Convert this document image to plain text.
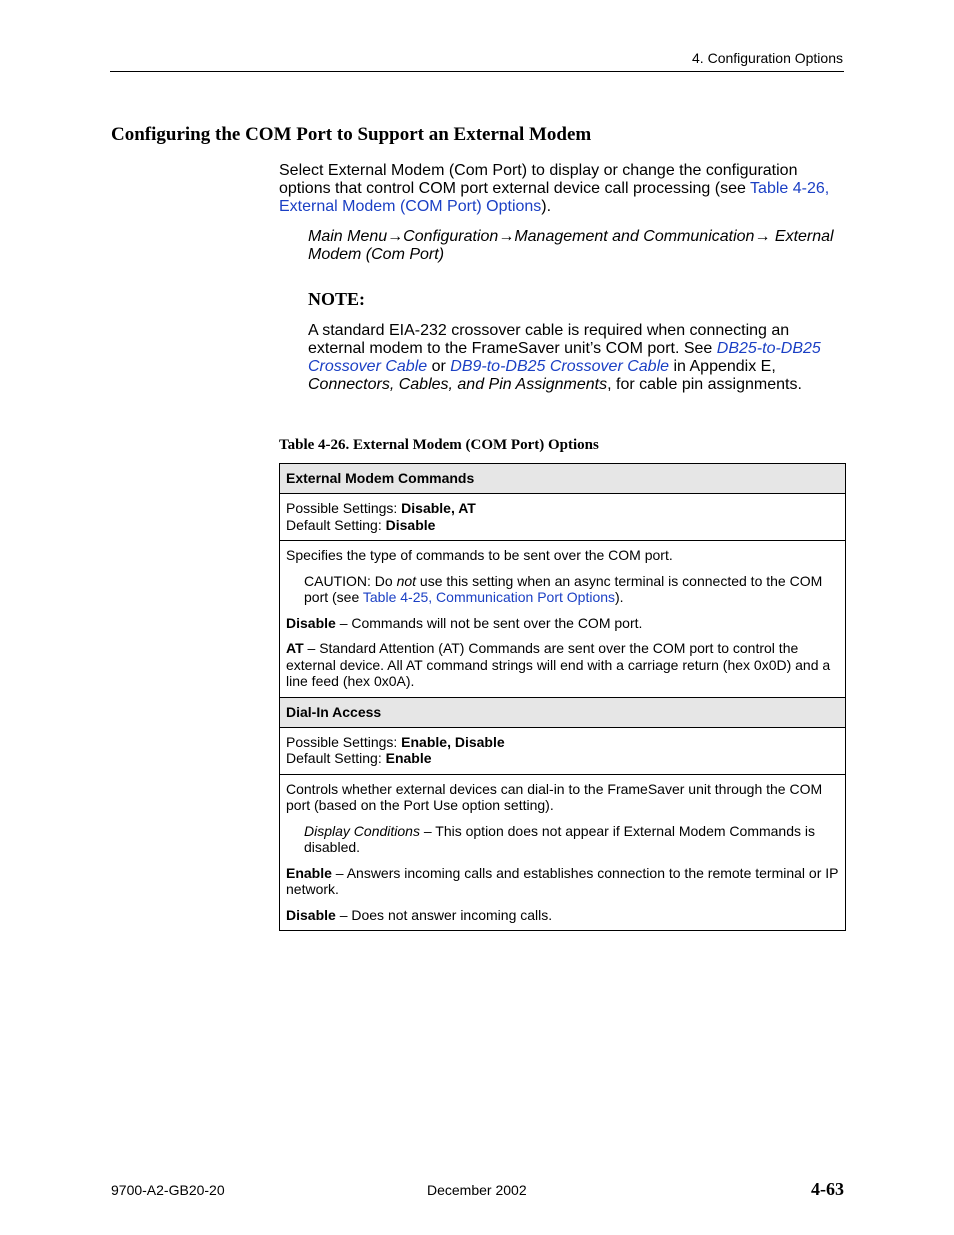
4. Configuration Options
Configuring the COM Port to Support an External Modem
Select External Modem (Com Port) to display or change the configuration options that control COM port external device call processing (see Table 4-26, External Modem (COM Port) Options).
Main Menu→Configuration→Management and Communication→ External Modem (Com Port)
NOTE:
A standard EIA-232 crossover cable is required when connecting an external modem to the FrameSaver unit’s COM port. See DB25-to-DB25 Crossover Cable or DB9-to-DB25 Crossover Cable in Appendix E, Connectors, Cables, and Pin Assignments, for cable pin assignments.
Table 4-26. External Modem (COM Port) Options
External Modem Commands
Possible Settings: Disable, AT
Default Setting: Disable

Specifies the type of commands to be sent over the COM port.

CAUTION: Do not use this setting when an async terminal is connected to the COM port (see Table 4-25, Communication Port Options).

Disable – Commands will not be sent over the COM port.

AT – Standard Attention (AT) Commands are sent over the COM port to control the external device. All AT command strings will end with a carriage return (hex 0x0D) and a line feed (hex 0x0A).

Dial-In Access
Possible Settings: Enable, Disable
Default Setting: Enable

Controls whether external devices can dial-in to the FrameSaver unit through the COM port (based on the Port Use option setting).

Display Conditions – This option does not appear if External Modem Commands is disabled.

Enable – Answers incoming calls and establishes connection to the remote terminal or IP network.

Disable – Does not answer incoming calls.

9700-A2-GB20-20	December 2002	4-63
